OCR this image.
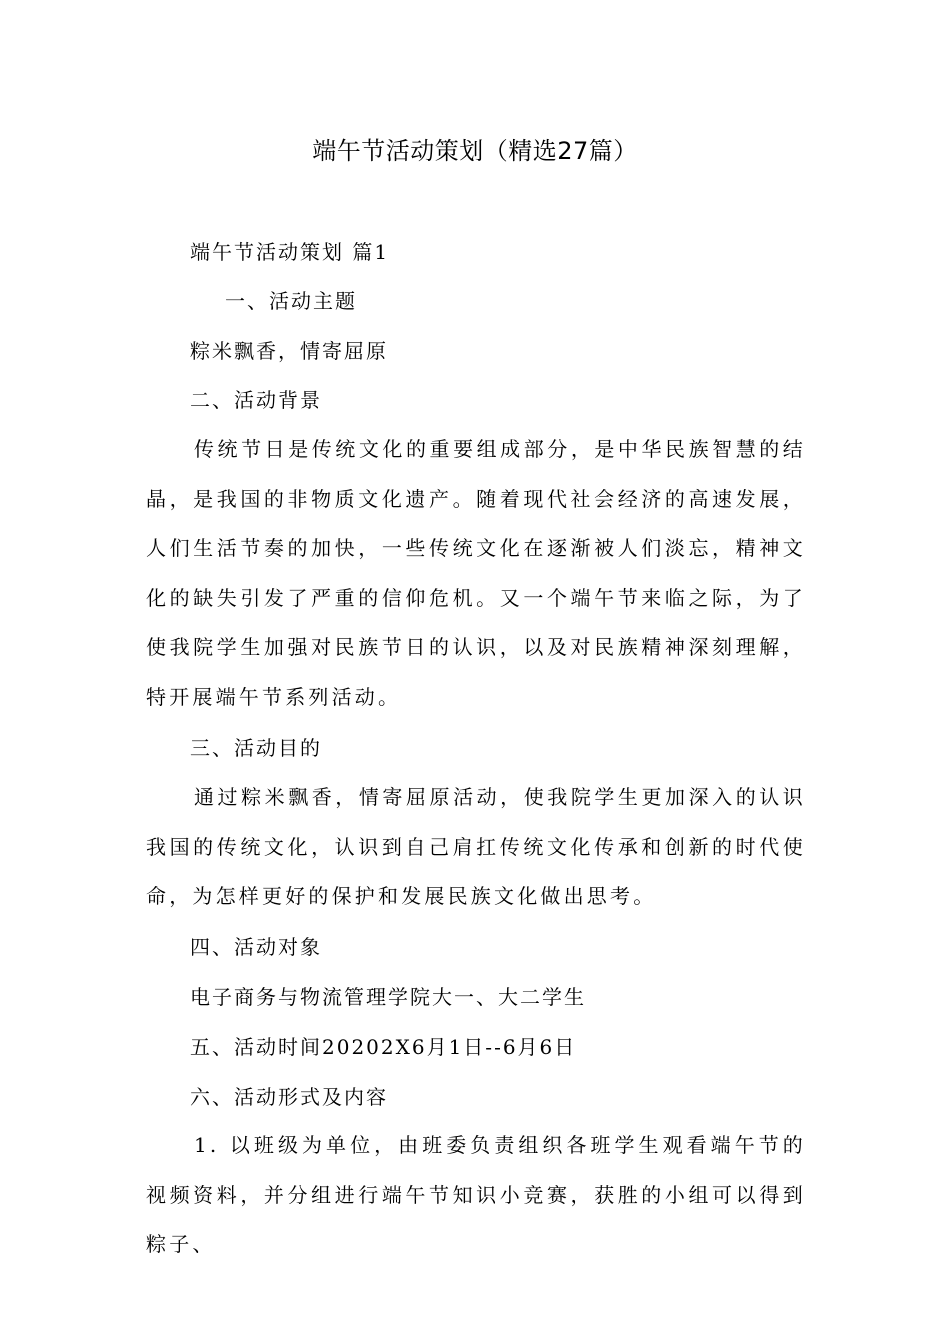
端午节活动策划（精选27篇）
端午节活动策划 篇1
一、活动主题
粽米飘香，情寄屈原
二、活动背景

传统节日是传统文化的重要组成部分，是中华民族智慧的结晶，是我国的非物质文化遗产。随着现代社会经济的高速发展，人们生活节奏的加快，一些传统文化在逐渐被人们淡忘，精神文化的缺失引发了严重的信仰危机。又一个端午节来临之际，为了使我院学生加强对民族节日的认识，以及对民族精神深刻理解，特开展端午节系列活动。

三、活动目的

通过粽米飘香，情寄屈原活动，使我院学生更加深入的认识我国的传统文化，认识到自己肩扛传统文化传承和创新的时代使命，为怎样更好的保护和发展民族文化做出思考。

四、活动对象
电子商务与物流管理学院大一、大二学生
五、活动时间20202X6月1日--6月6日
六、活动形式及内容

1. 以班级为单位，由班委负责组织各班学生观看端午节的视频资料，并分组进行端午节知识小竞赛，获胜的小组可以得到粽子、
